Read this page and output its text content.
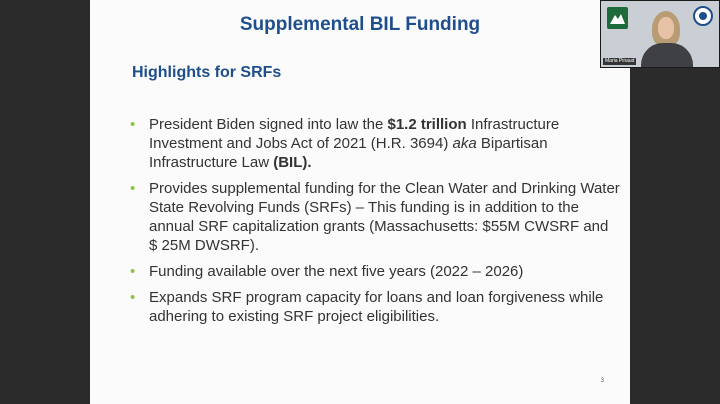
Supplemental BIL Funding
Highlights for SRFs
• President Biden signed into law the $1.2 trillion Infrastructure Investment and Jobs Act of 2021 (H.R. 3694) aka Bipartisan Infrastructure Law (BIL).
• Provides supplemental funding for the Clean Water and Drinking Water State Revolving Funds (SRFs) – This funding is in addition to the annual SRF capitalization grants (Massachusetts: $55M CWSRF and $ 25M DWSRF).
• Funding available over the next five years (2022 – 2026)
• Expands SRF program capacity for loans and loan forgiveness while adhering to existing SRF project eligibilities.
3
Maria Pinaud
